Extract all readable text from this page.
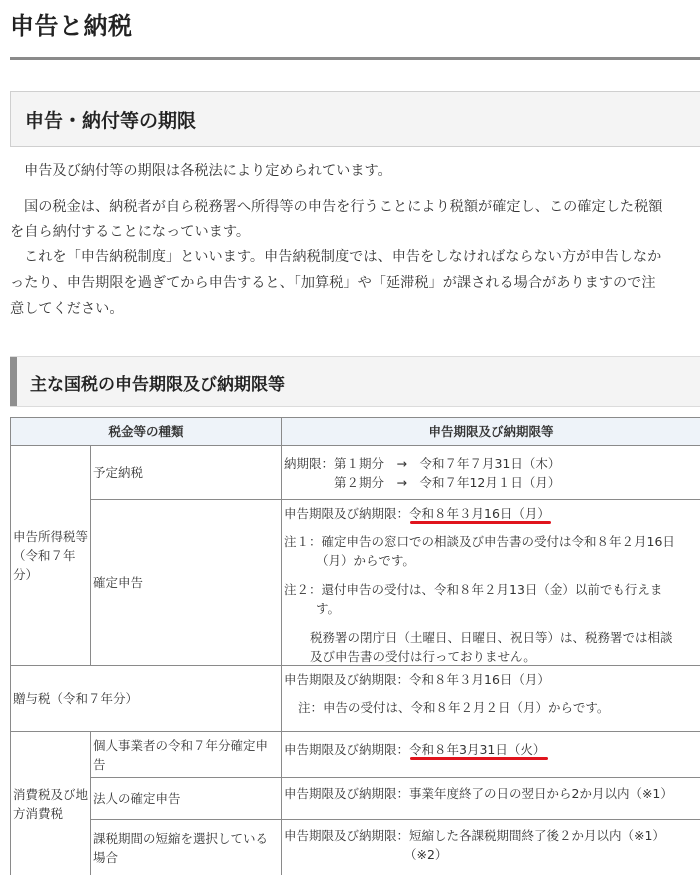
申告と納税
申告・納付等の期限
申告及び納付等の期限は各税法により定められています。
国の税金は、納税者が自ら税務署へ所得等の申告を行うことにより税額が確定し、この確定した税額
を自ら納付することになっています。
これを「申告納税制度」といいます。申告納税制度では、申告をしなければならない方が申告しなか
ったり、申告期限を過ぎてから申告すると、「加算税」や「延滞税」が課される場合がありますので注
意してください。
主な国税の申告期限及び納期限等
税金等の種類	申告期限及び納期限等
申告所得税等
（令和７年
分）
予定納税
納期限：第１期分　→　令和７年７月31日（木）
　　　　第２期分　→　令和７年12月１日（月）
確定申告
申告期限及び納期限：令和８年３月16日（月）
注１：確定申告の窓口での相談及び申告書の受付は令和８年２月16日
（月）からです。
注２：還付申告の受付は、令和８年２月13日（金）以前でも行えま
す。
税務署の閉庁日（土曜日、日曜日、祝日等）は、税務署では相談
及び申告書の受付は行っておりません。
贈与税（令和７年分）
申告期限及び納期限：令和８年３月16日（月）
注：申告の受付は、令和８年２月２日（月）からです。
消費税及び地
方消費税
個人事業者の令和７年分確定申
告
申告期限及び納期限：令和８年3月31日（火）
法人の確定申告	申告期限及び納期限：事業年度終了の日の翌日から2か月以内（※1）
課税期間の短縮を選択している
場合
申告期限及び納期限：短縮した各課税期間終了後２か月以内（※1）
（※2）
